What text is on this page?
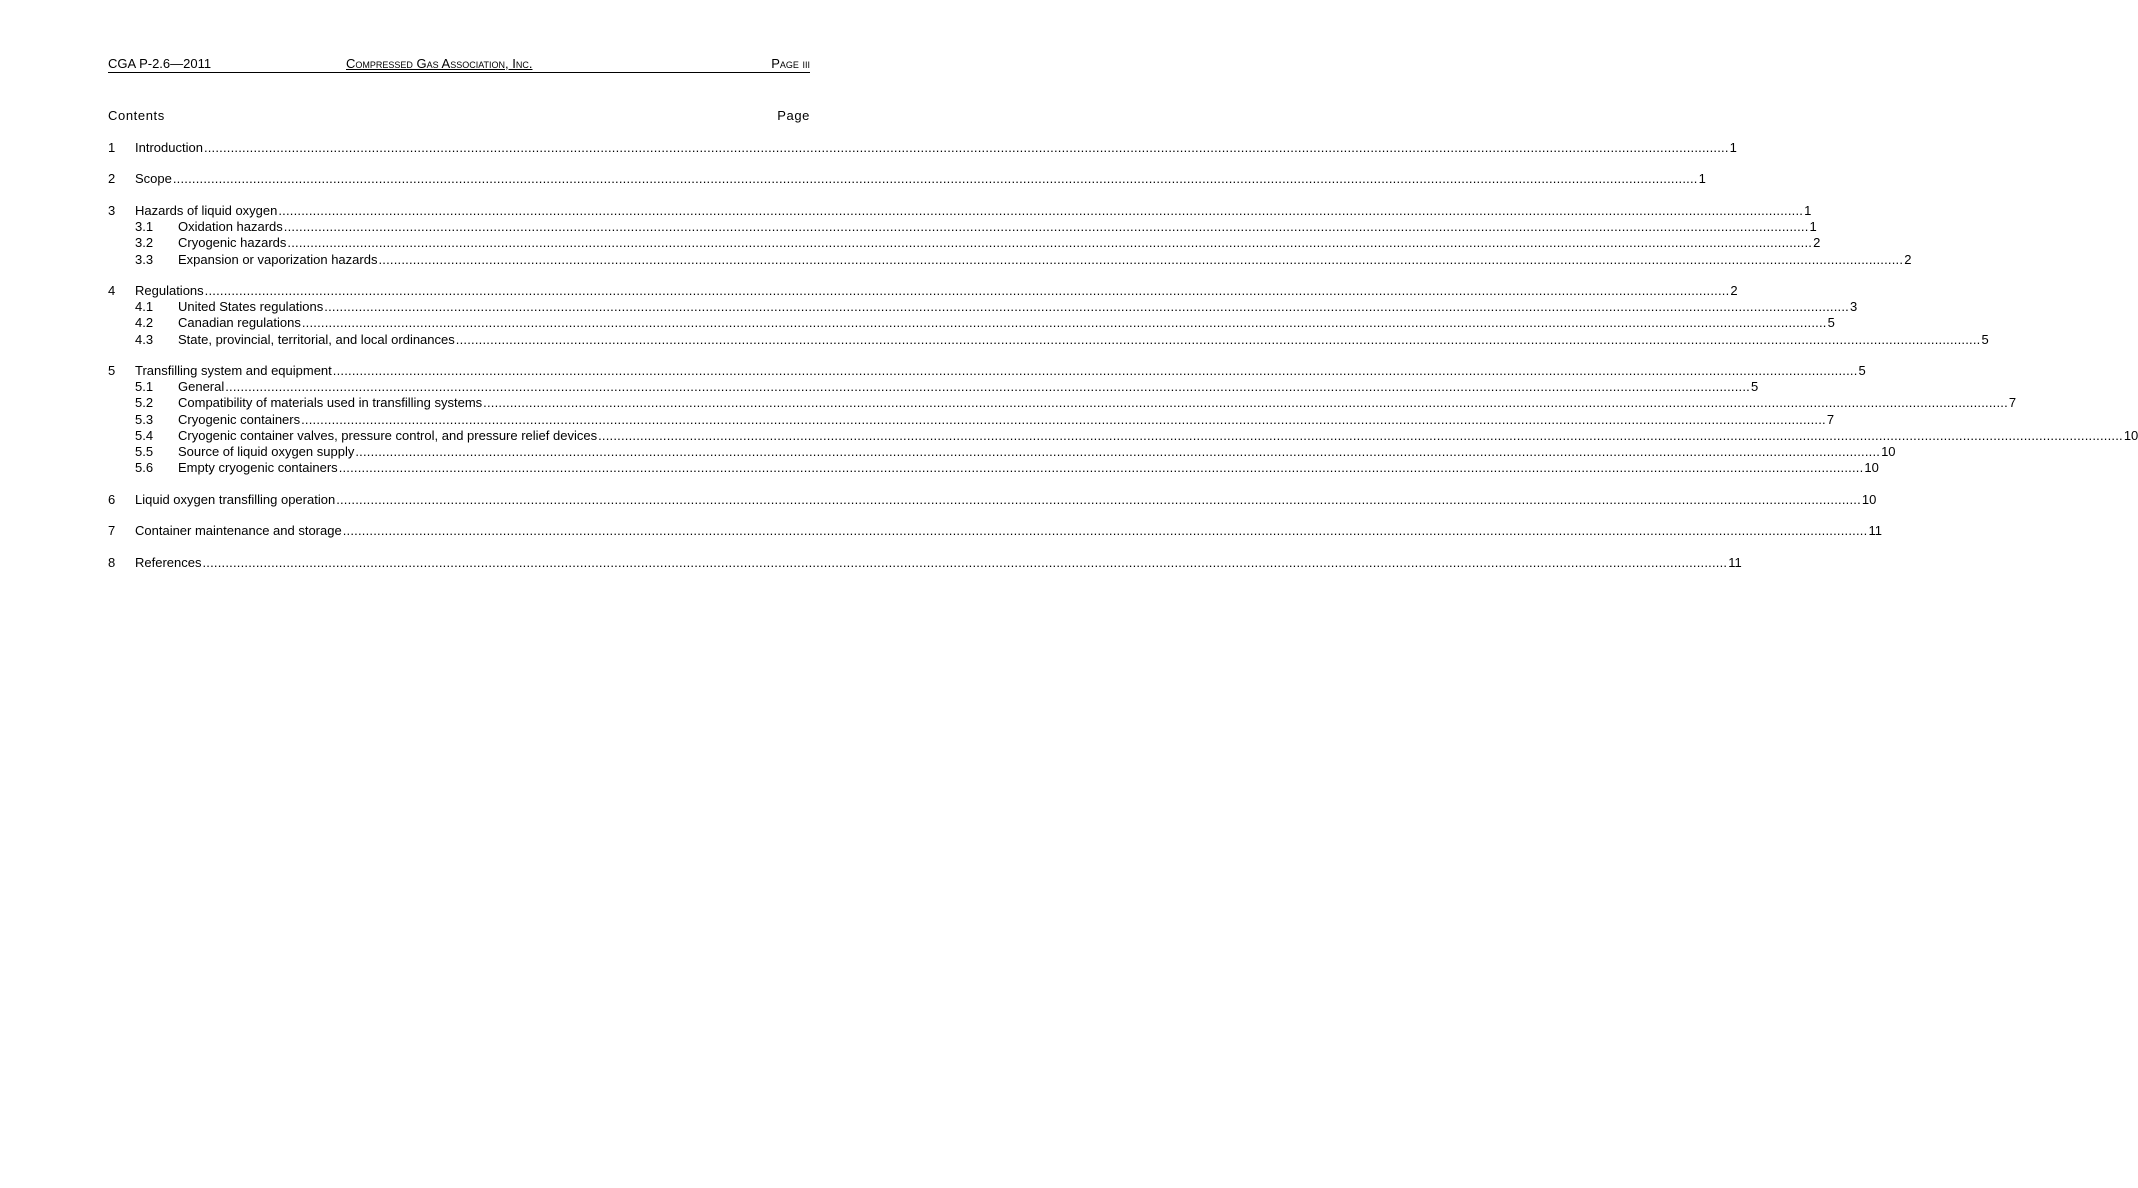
CGA P-2.6—2011	Compressed Gas Association, Inc.	Page iii
Contents	Page
1 Introduction ................................................................................................................................................................................................................................................................................................................................................................................................................ 1
2 Scope ................................................................................................................................................................................................................................................................................................................................................................................................................ 1
3 Hazards of liquid oxygen ................................................................................................................................................................................................................................................................................................................................................................................................................ 1
3.1 Oxidation hazards ................................................................................................................................................................................................................................................................................................................................................................................................................ 1
3.2 Cryogenic hazards ................................................................................................................................................................................................................................................................................................................................................................................................................ 2
3.3 Expansion or vaporization hazards ................................................................................................................................................................................................................................................................................................................................................................................................................ 2
4 Regulations ................................................................................................................................................................................................................................................................................................................................................................................................................ 2
4.1 United States regulations ................................................................................................................................................................................................................................................................................................................................................................................................................ 3
4.2 Canadian regulations ................................................................................................................................................................................................................................................................................................................................................................................................................ 5
4.3 State, provincial, territorial, and local ordinances ................................................................................................................................................................................................................................................................................................................................................................................................................ 5
5 Transfilling system and equipment ................................................................................................................................................................................................................................................................................................................................................................................................................ 5
5.1 General ................................................................................................................................................................................................................................................................................................................................................................................................................ 5
5.2 Compatibility of materials used in transfilling systems ................................................................................................................................................................................................................................................................................................................................................................................................................ 7
5.3 Cryogenic containers ................................................................................................................................................................................................................................................................................................................................................................................................................ 7
5.4 Cryogenic container valves, pressure control, and pressure relief devices ................................................................................................................................................................................................................................................................................................................................................................................................................ 10
5.5 Source of liquid oxygen supply ................................................................................................................................................................................................................................................................................................................................................................................................................ 10
5.6 Empty cryogenic containers ................................................................................................................................................................................................................................................................................................................................................................................................................ 10
6 Liquid oxygen transfilling operation ................................................................................................................................................................................................................................................................................................................................................................................................................ 10
7 Container maintenance and storage ................................................................................................................................................................................................................................................................................................................................................................................................................ 11
8 References ................................................................................................................................................................................................................................................................................................................................................................................................................ 11
